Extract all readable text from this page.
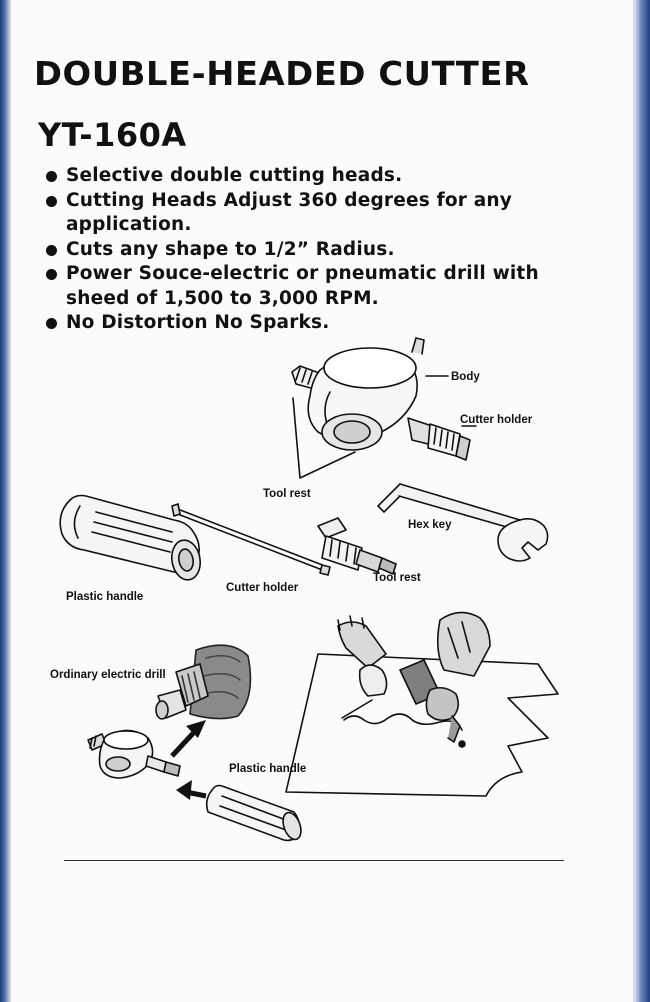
DOUBLE-HEADED CUTTER
YT-160A
Selective double cutting heads.
Cutting Heads Adjust 360 degrees for any
application.
Cuts any shape to 1/2” Radius.
Power Souce-electric or pneumatic drill with
sheed of 1,500 to 3,000 RPM.
No Distortion No Sparks.
Body
Cutter holder
Tool rest
Hex key
Plastic handle
Cutter holder
Tool rest
Ordinary electric drill
Plastic handle
